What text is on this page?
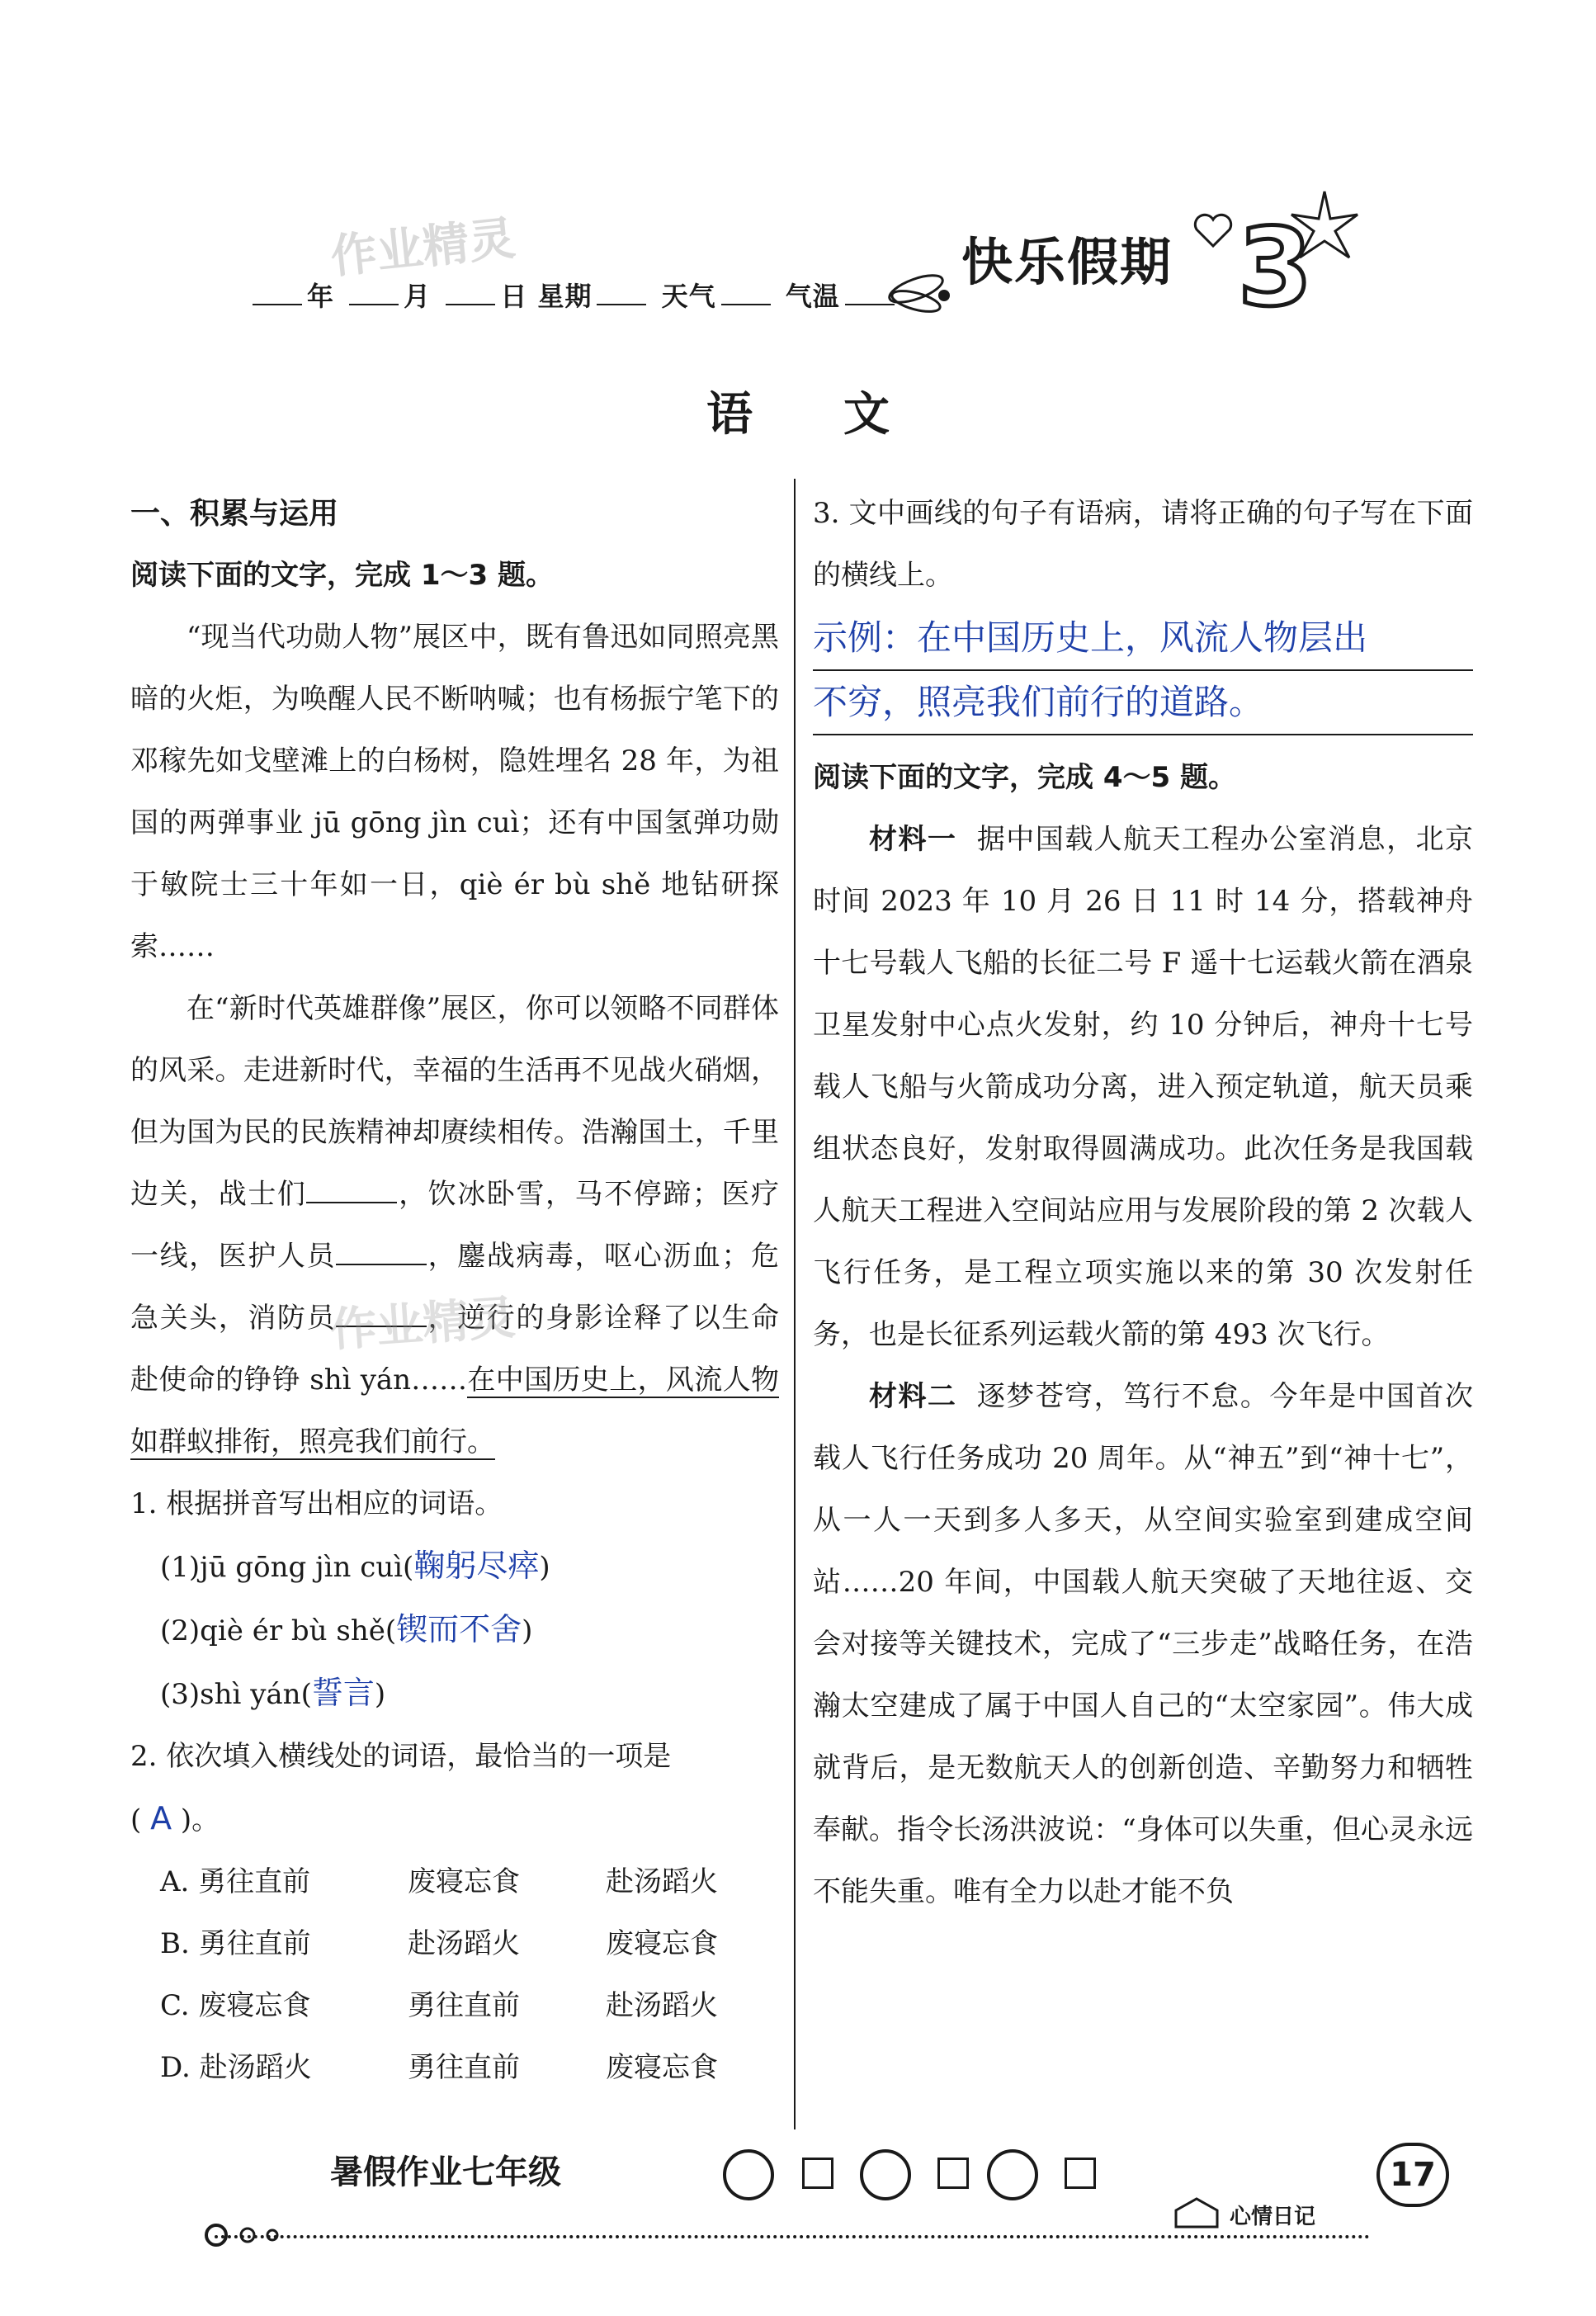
作业精灵
年	月	日 星期	天气	气温
快乐假期 3
语文
一、积累与运用
阅读下面的文字，完成 1～3 题。

“现当代功勋人物”展区中，既有鲁迅如同照亮黑暗的火炬，为唤醒人民不断呐喊；也有杨振宁笔下的邓稼先如戈壁滩上的白杨树，隐姓埋名 28 年，为祖国的两弹事业 jū gōng jìn cuì；还有中国氢弹功勋于敏院士三十年如一日，qiè ér bù shě 地钻研探索……

在“新时代英雄群像”展区，你可以领略不同群体的风采。走进新时代，幸福的生活再不见战火硝烟，但为国为民的民族精神却赓续相传。浩瀚国土，千里边关，战士们	，饮冰卧雪，马不停蹄；医疗一线，医护人员	，鏖战病毒，呕心沥血；危急关头，消防员	，逆行的身影诠释了以生命赴使命的铮铮 shì yán……在中国历史上，风流人物如群蚁排衔，照亮我们前行。

1. 根据拼音写出相应的词语。
(1)jū gōng jìn cuì(鞠躬尽瘁)
(2)qiè ér bù shě(锲而不舍)
(3)shì yán(誓言)
2. 依次填入横线处的词语，最恰当的一项是
( A )。
A. 勇往直前	废寝忘食	赴汤蹈火
B. 勇往直前	赴汤蹈火	废寝忘食
C. 废寝忘食	勇往直前	赴汤蹈火
D. 赴汤蹈火	勇往直前	废寝忘食
作业精灵

3. 文中画线的句子有语病，请将正确的句子写在下面的横线上。

示例：在中国历史上，风流人物层出
不穷，照亮我们前行的道路。
阅读下面的文字，完成 4～5 题。

材料一 据中国载人航天工程办公室消息，北京时间 2023 年 10 月 26 日 11 时 14 分，搭载神舟十七号载人飞船的长征二号 F 遥十七运载火箭在酒泉卫星发射中心点火发射，约 10 分钟后，神舟十七号载人飞船与火箭成功分离，进入预定轨道，航天员乘组状态良好，发射取得圆满成功。此次任务是我国载人航天工程进入空间站应用与发展阶段的第 2 次载人飞行任务，是工程立项实施以来的第 30 次发射任务，也是长征系列运载火箭的第 493 次飞行。

材料二 逐梦苍穹，笃行不怠。今年是中国首次载人飞行任务成功 20 周年。从“神五”到“神十七”，从一人一天到多人多天，从空间实验室到建成空间站……20 年间，中国载人航天突破了天地往返、交会对接等关键技术，完成了“三步走”战略任务，在浩瀚太空建成了属于中国人自己的“太空家园”。伟大成就背后，是无数航天人的创新创造、辛勤努力和牺牲奉献。指令长汤洪波说：“身体可以失重，但心灵永远不能失重。唯有全力以赴才能不负

暑假作业七年级
心情日记
17
